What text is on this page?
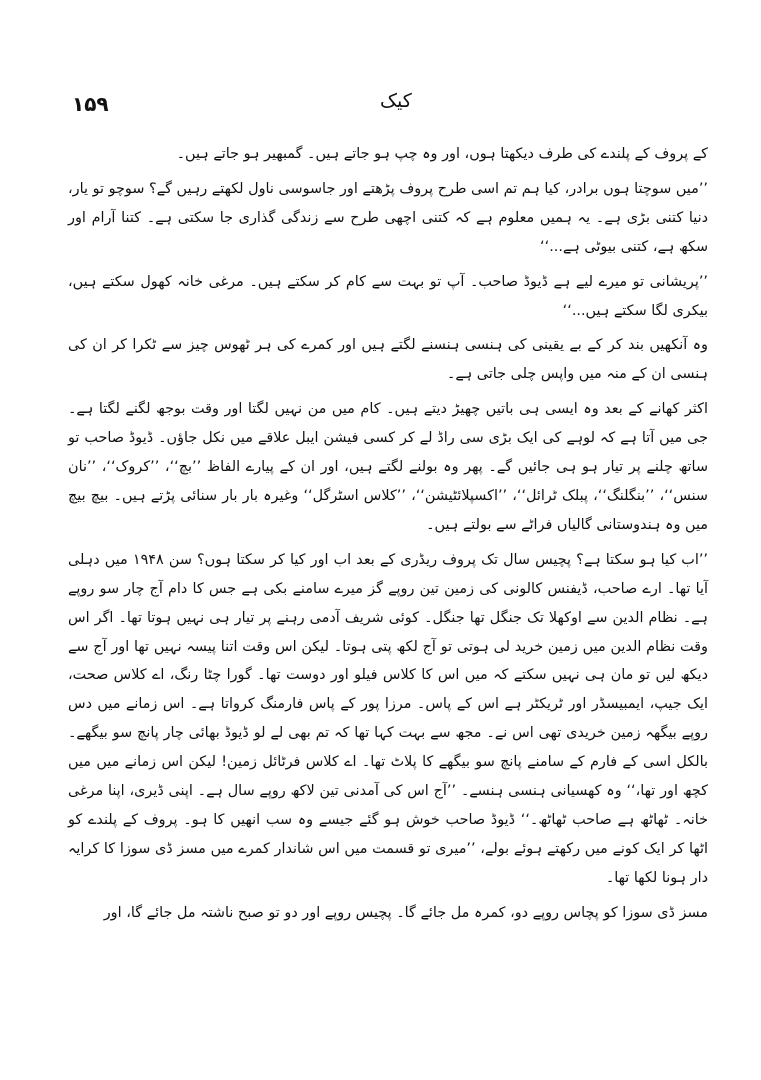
۱۵۹	کیک

کے پروف کے پلندے کی طرف دیکھتا ہوں، اور وہ چپ ہو جاتے ہیں۔ گمبھیر ہو جاتے ہیں۔

’’میں سوچتا ہوں برادر، کیا ہم تم اسی طرح پروف پڑھتے اور جاسوسی ناول لکھتے رہیں گے؟ سوچو تو یار، دنیا کتنی بڑی ہے۔ یہ ہمیں معلوم ہے کہ کتنی اچھی طرح سے زندگی گذاری جا سکتی ہے۔ کتنا آرام اور سکھ ہے، کتنی بیوٹی ہے...‘‘

’’پریشانی تو میرے لیے ہے ڈیوڈ صاحب۔ آپ تو بہت سے کام کر سکتے ہیں۔ مرغی خانہ کھول سکتے ہیں، بیکری لگا سکتے ہیں...‘‘

وہ آنکھیں بند کر کے بے یقینی کی ہنسی ہنسنے لگتے ہیں اور کمرے کی ہر ٹھوس چیز سے ٹکرا کر ان کی ہنسی ان کے منہ میں واپس چلی جاتی ہے۔

اکثر کھانے کے بعد وہ ایسی ہی باتیں چھیڑ دیتے ہیں۔ کام میں من نہیں لگتا اور وقت بوجھ لگنے لگتا ہے۔ جی میں آتا ہے کہ لوہے کی ایک بڑی سی راڈ لے کر کسی فیشن ایبل علاقے میں نکل جاؤں۔ ڈیوڈ صاحب تو ساتھ چلنے پر تیار ہو ہی جائیں گے۔ پھر وہ بولنے لگتے ہیں، اور ان کے پیارے الفاظ ’’بچ‘‘، ’’کروک‘‘، ’’نان سنس‘‘، ’’بنگلنگ‘‘، پبلک ٹرائل‘‘، ’’اکسپلائٹیشن‘‘، ’’کلاس اسٹرگل‘‘ وغیرہ بار بار سنائی پڑتے ہیں۔ بیچ بیچ میں وہ ہندوستانی گالیاں فراٹے سے بولتے ہیں۔

’’اب کیا ہو سکتا ہے؟ پچیس سال تک پروف ریڈری کے بعد اب اور کیا کر سکتا ہوں؟ سن ۱۹۴۸ میں دہلی آیا تھا۔ ارے صاحب، ڈیفنس کالونی کی زمین تین روپے گز میرے سامنے بکی ہے جس کا دام آج چار سو روپے ہے۔ نظام الدین سے اوکھلا تک جنگل تھا جنگل۔ کوئی شریف آدمی رہنے پر تیار ہی نہیں ہوتا تھا۔ اگر اس وقت نظام الدین میں زمین خرید لی ہوتی تو آج لکھ پتی ہوتا۔ لیکن اس وقت اتنا پیسہ نہیں تھا اور آج سے دیکھ لیں تو مان ہی نہیں سکتے کہ میں اس کا کلاس فیلو اور دوست تھا۔ گورا چٹا رنگ، اے کلاس صحت، ایک جیپ، ایمبیسڈر اور ٹریکٹر ہے اس کے پاس۔ مرزا پور کے پاس فارمنگ کرواتا ہے۔ اس زمانے میں دس روپے بیگھہ زمین خریدی تھی اس نے۔ مجھ سے بہت کہا تھا کہ تم بھی لے لو ڈیوڈ بھائی چار پانچ سو بیگھے۔ بالکل اسی کے فارم کے سامنے پانچ سو بیگھے کا پلاٹ تھا۔ اے کلاس فرٹائل زمین! لیکن اس زمانے میں میں کچھ اور تھا،‘‘ وہ کھسیانی ہنسی ہنسے۔ ’’آج اس کی آمدنی تین لاکھ روپے سال ہے۔ اپنی ڈیری، اپنا مرغی خانہ۔ ٹھاٹھ ہے صاحب ٹھاٹھ۔‘‘ ڈیوڈ صاحب خوش ہو گئے جیسے وہ سب انھیں کا ہو۔ پروف کے پلندے کو اٹھا کر ایک کونے میں رکھتے ہوئے بولے، ’’میری تو قسمت میں اس شاندار کمرے میں مسز ڈی سوزا کا کرایہ دار ہونا لکھا تھا۔

مسز ڈی سوزا کو پچاس روپے دو، کمرہ مل جائے گا۔ پچیس روپے اور دو تو صبح ناشتہ مل جائے گا، اور
